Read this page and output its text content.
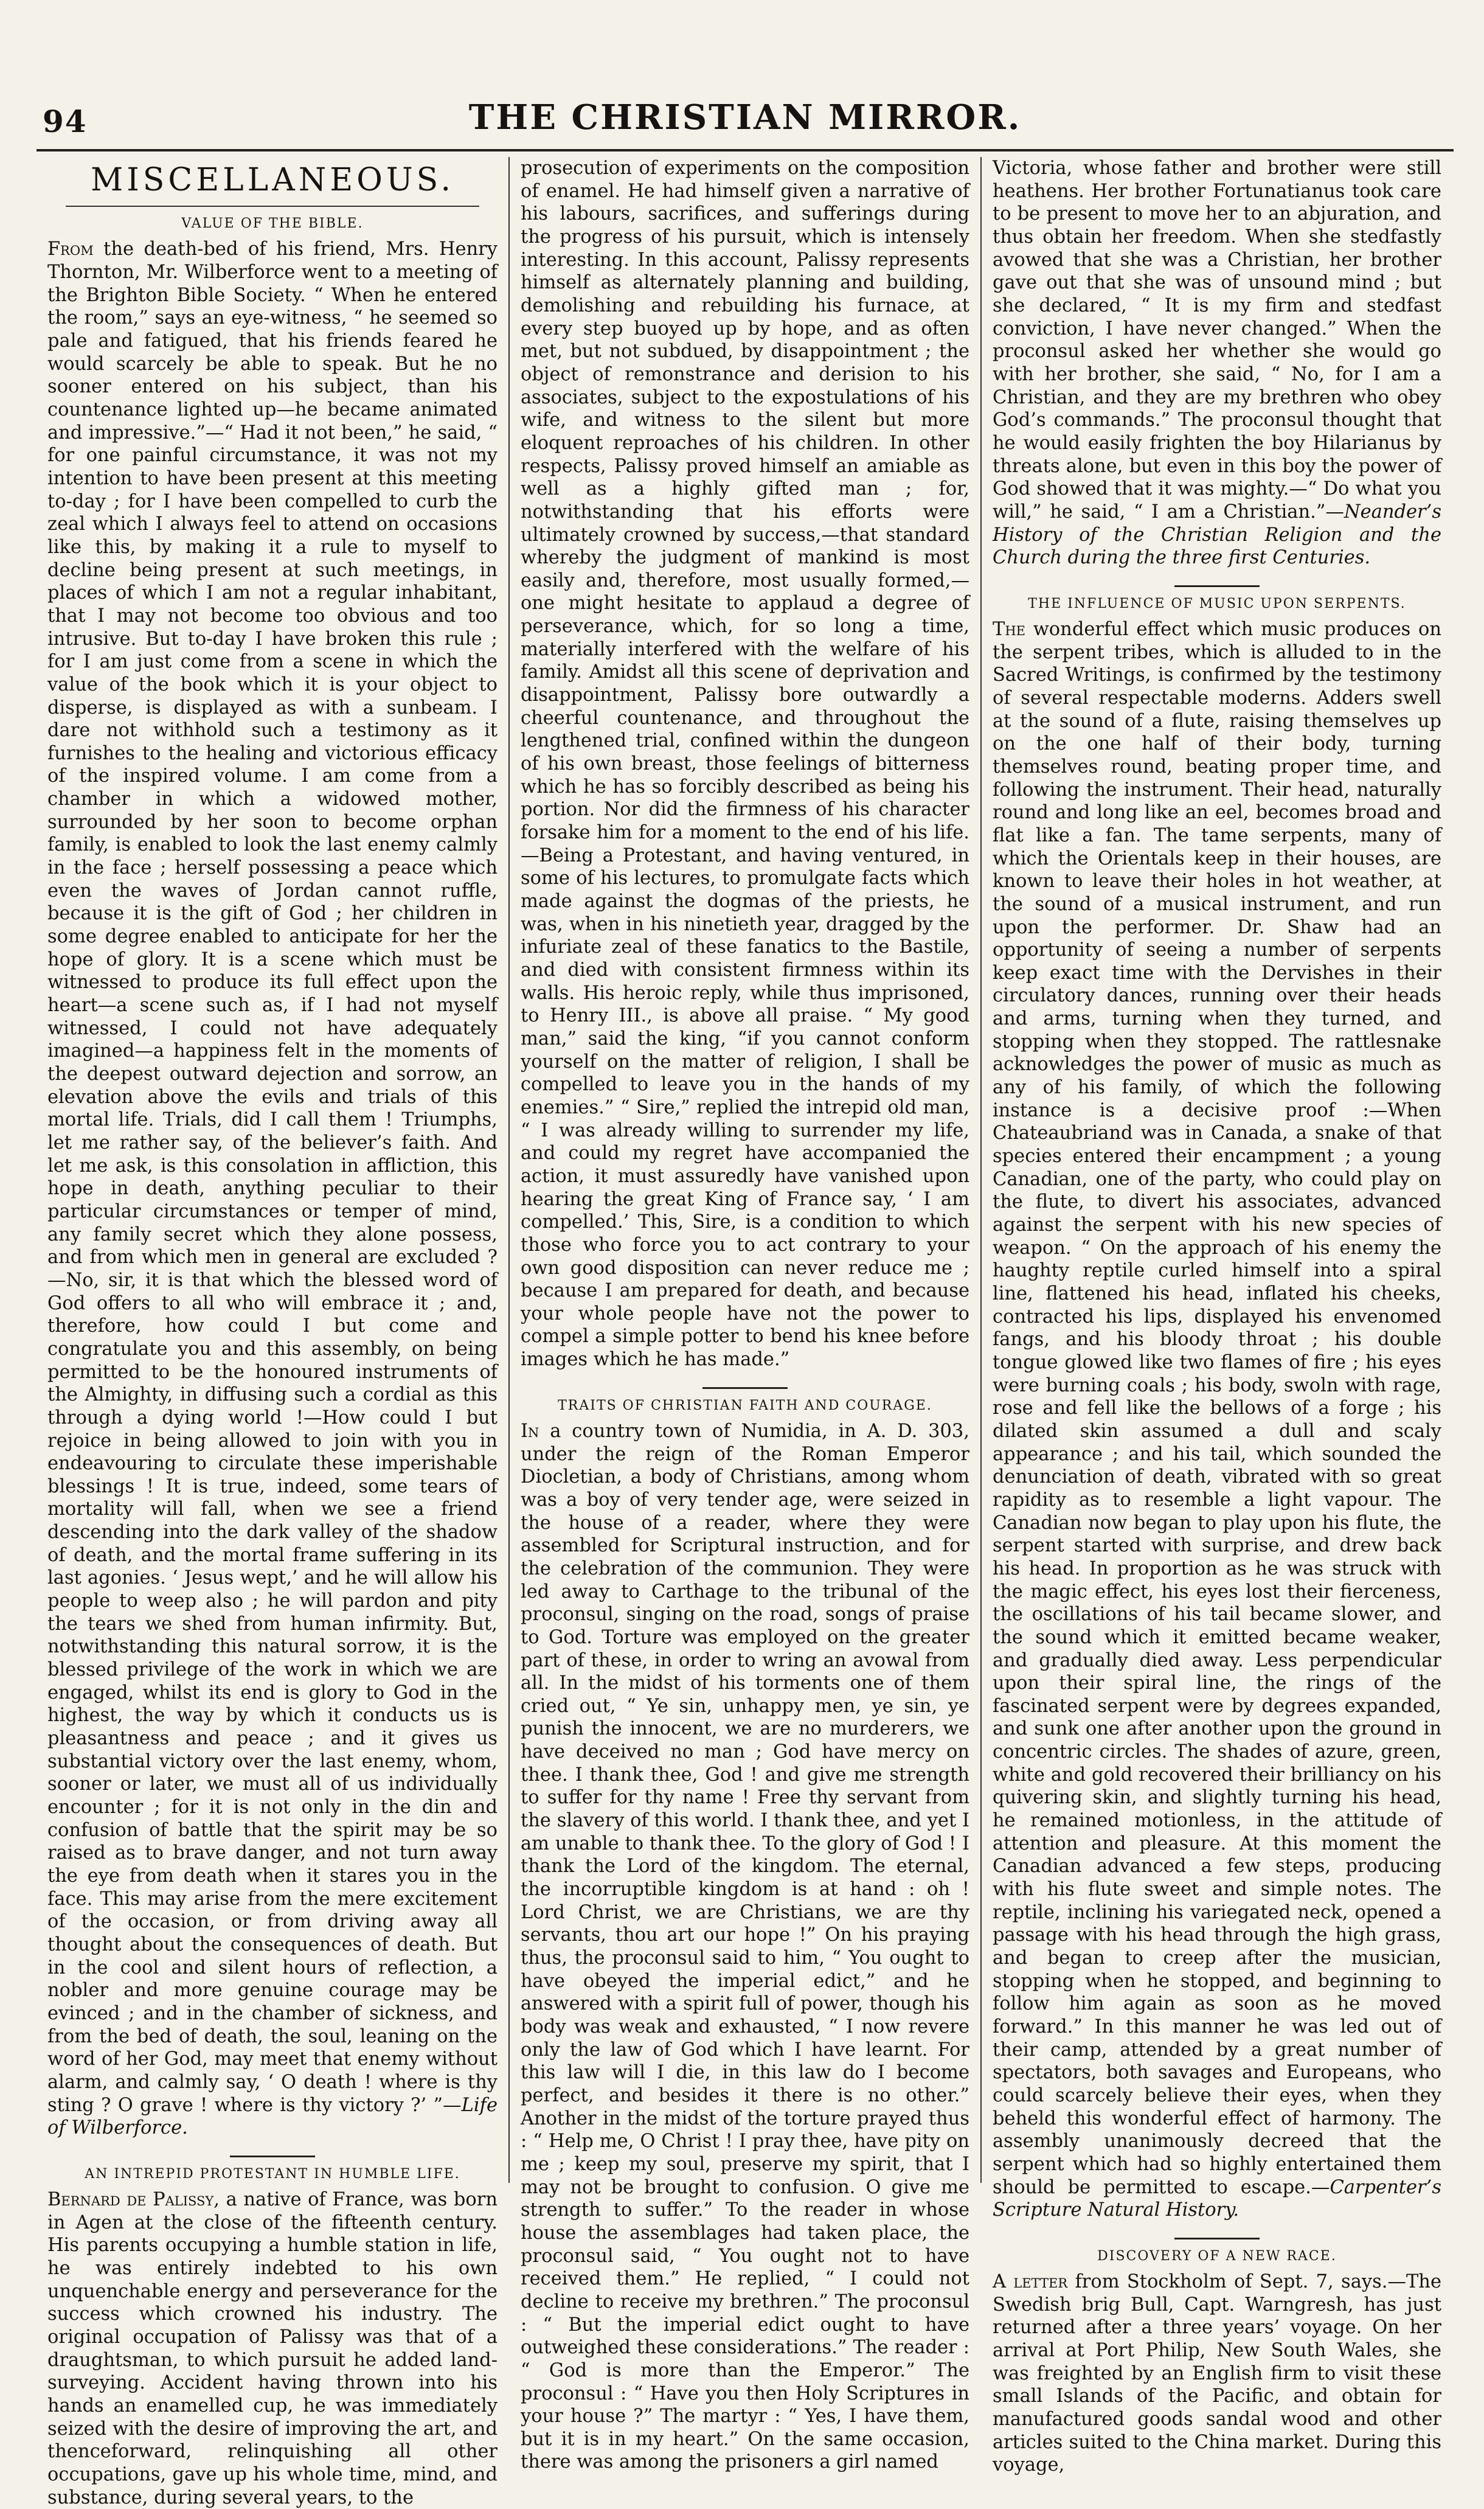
94	THE CHRISTIAN MIRROR.
MISCELLANEOUS.
VALUE OF THE BIBLE.

From the death-bed of his friend, Mrs. Henry Thornton, Mr. Wilberforce went to a meeting of the Brighton Bible Society. “ When he entered the room,” says an eye-witness, “ he seemed so pale and fatigued, that his friends feared he would scarcely be able to speak. But he no sooner entered on his subject, than his countenance lighted up—he became animated and impressive.”—“ Had it not been,” he said, “ for one painful circumstance, it was not my intention to have been present at this meeting to-day ; for I have been compelled to curb the zeal which I always feel to attend on occasions like this, by making it a rule to myself to decline being present at such meetings, in places of which I am not a regular inhabitant, that I may not become too obvious and too intrusive. But to-day I have broken this rule ; for I am just come from a scene in which the value of the book which it is your object to disperse, is displayed as with a sunbeam. I dare not withhold such a testimony as it furnishes to the healing and victorious efficacy of the inspired volume. I am come from a chamber in which a widowed mother, surrounded by her soon to become orphan family, is enabled to look the last enemy calmly in the face ; herself possessing a peace which even the waves of Jordan cannot ruffle, because it is the gift of God ; her children in some degree enabled to anticipate for her the hope of glory. It is a scene which must be witnessed to produce its full effect upon the heart—a scene such as, if I had not myself witnessed, I could not have adequately imagined—a happiness felt in the moments of the deepest outward dejection and sorrow, an elevation above the evils and trials of this mortal life. Trials, did I call them ! Triumphs, let me rather say, of the believer’s faith. And let me ask, is this consolation in affliction, this hope in death, anything peculiar to their particular circumstances or temper of mind, any family secret which they alone possess, and from which men in general are excluded ?—No, sir, it is that which the blessed word of God offers to all who will embrace it ; and, therefore, how could I but come and congratulate you and this assembly, on being permitted to be the honoured instruments of the Almighty, in diffusing such a cordial as this through a dying world !—How could I but rejoice in being allowed to join with you in endeavouring to circulate these imperishable blessings ! It is true, indeed, some tears of mortality will fall, when we see a friend descending into the dark valley of the shadow of death, and the mortal frame suffering in its last agonies. ‘ Jesus wept,’ and he will allow his people to weep also ; he will pardon and pity the tears we shed from human infirmity. But, notwithstanding this natural sorrow, it is the blessed privilege of the work in which we are engaged, whilst its end is glory to God in the highest, the way by which it conducts us is pleasantness and peace ; and it gives us substantial victory over the last enemy, whom, sooner or later, we must all of us individually encounter ; for it is not only in the din and confusion of battle that the spirit may be so raised as to brave danger, and not turn away the eye from death when it stares you in the face. This may arise from the mere excitement of the occasion, or from driving away all thought about the consequences of death. But in the cool and silent hours of reflection, a nobler and more genuine courage may be evinced ; and in the chamber of sickness, and from the bed of death, the soul, leaning on the word of her God, may meet that enemy without alarm, and calmly say, ‘ O death ! where is thy sting ? O grave ! where is thy victory ?’ ”—Life of Wilberforce.

AN INTREPID PROTESTANT IN HUMBLE LIFE.

Bernard de Palissy, a native of France, was born in Agen at the close of the fifteenth century. His parents occupying a humble station in life, he was entirely indebted to his own unquenchable energy and perseverance for the success which crowned his industry. The original occupation of Palissy was that of a draughtsman, to which pursuit he added land-surveying. Accident having thrown into his hands an enamelled cup, he was immediately seized with the desire of improving the art, and thenceforward, relinquishing all other occupations, gave up his whole time, mind, and substance, during several years, to the

prosecution of experiments on the composition of enamel. He had himself given a narrative of his labours, sacrifices, and sufferings during the progress of his pursuit, which is intensely interesting. In this account, Palissy represents himself as alternately planning and building, demolishing and rebuilding his furnace, at every step buoyed up by hope, and as often met, but not subdued, by disappointment ; the object of remonstrance and derision to his associates, subject to the expostulations of his wife, and witness to the silent but more eloquent reproaches of his children. In other respects, Palissy proved himself an amiable as well as a highly gifted man ; for, notwithstanding that his efforts were ultimately crowned by success,—that standard whereby the judgment of mankind is most easily and, therefore, most usually formed,—one might hesitate to applaud a degree of perseverance, which, for so long a time, materially interfered with the welfare of his family. Amidst all this scene of deprivation and disappointment, Palissy bore outwardly a cheerful countenance, and throughout the lengthened trial, confined within the dungeon of his own breast, those feelings of bitterness which he has so forcibly described as being his portion. Nor did the firmness of his character forsake him for a moment to the end of his life.—Being a Protestant, and having ventured, in some of his lectures, to promulgate facts which made against the dogmas of the priests, he was, when in his ninetieth year, dragged by the infuriate zeal of these fanatics to the Bastile, and died with consistent firmness within its walls. His heroic reply, while thus imprisoned, to Henry III., is above all praise. “ My good man,” said the king, “if you cannot conform yourself on the matter of religion, I shall be compelled to leave you in the hands of my enemies.” “ Sire,” replied the intrepid old man, “ I was already willing to surrender my life, and could my regret have accompanied the action, it must assuredly have vanished upon hearing the great King of France say, ‘ I am compelled.’ This, Sire, is a condition to which those who force you to act contrary to your own good disposition can never reduce me ; because I am prepared for death, and because your whole people have not the power to compel a simple potter to bend his knee before images which he has made.”

TRAITS OF CHRISTIAN FAITH AND COURAGE.

In a country town of Numidia, in A. D. 303, under the reign of the Roman Emperor Diocletian, a body of Christians, among whom was a boy of very tender age, were seized in the house of a reader, where they were assembled for Scriptural instruction, and for the celebration of the communion. They were led away to Carthage to the tribunal of the proconsul, singing on the road, songs of praise to God. Torture was employed on the greater part of these, in order to wring an avowal from all. In the midst of his torments one of them cried out, “ Ye sin, unhappy men, ye sin, ye punish the innocent, we are no murderers, we have deceived no man ; God have mercy on thee. I thank thee, God ! and give me strength to suffer for thy name ! Free thy servant from the slavery of this world. I thank thee, and yet I am unable to thank thee. To the glory of God ! I thank the Lord of the kingdom. The eternal, the incorruptible kingdom is at hand : oh ! Lord Christ, we are Christians, we are thy servants, thou art our hope !” On his praying thus, the proconsul said to him, “ You ought to have obeyed the imperial edict,” and he answered with a spirit full of power, though his body was weak and exhausted, “ I now revere only the law of God which I have learnt. For this law will I die, in this law do I become perfect, and besides it there is no other.” Another in the midst of the torture prayed thus : “ Help me, O Christ ! I pray thee, have pity on me ; keep my soul, preserve my spirit, that I may not be brought to confusion. O give me strength to suffer.” To the reader in whose house the assemblages had taken place, the proconsul said, “ You ought not to have received them.” He replied, “ I could not decline to receive my brethren.” The proconsul : “ But the imperial edict ought to have outweighed these considerations.” The reader : “ God is more than the Emperor.” The proconsul : “ Have you then Holy Scriptures in your house ?” The martyr : “ Yes, I have them, but it is in my heart.” On the same occasion, there was among the prisoners a girl named

Victoria, whose father and brother were still heathens. Her brother Fortunatianus took care to be present to move her to an abjuration, and thus obtain her freedom. When she stedfastly avowed that she was a Christian, her brother gave out that she was of unsound mind ; but she declared, “ It is my firm and stedfast conviction, I have never changed.” When the proconsul asked her whether she would go with her brother, she said, “ No, for I am a Christian, and they are my brethren who obey God’s commands.” The proconsul thought that he would easily frighten the boy Hilarianus by threats alone, but even in this boy the power of God showed that it was mighty.—“ Do what you will,” he said, “ I am a Christian.”—Neander’s History of the Christian Religion and the Church during the three first Centuries.

THE INFLUENCE OF MUSIC UPON SERPENTS.

The wonderful effect which music produces on the serpent tribes, which is alluded to in the Sacred Writings, is confirmed by the testimony of several respectable moderns. Adders swell at the sound of a flute, raising themselves up on the one half of their body, turning themselves round, beating proper time, and following the instrument. Their head, naturally round and long like an eel, becomes broad and flat like a fan. The tame serpents, many of which the Orientals keep in their houses, are known to leave their holes in hot weather, at the sound of a musical instrument, and run upon the performer. Dr. Shaw had an opportunity of seeing a number of serpents keep exact time with the Dervishes in their circulatory dances, running over their heads and arms, turning when they turned, and stopping when they stopped. The rattlesnake acknowledges the power of music as much as any of his family, of which the following instance is a decisive proof :—When Chateaubriand was in Canada, a snake of that species entered their encampment ; a young Canadian, one of the party, who could play on the flute, to divert his associates, advanced against the serpent with his new species of weapon. “ On the approach of his enemy the haughty reptile curled himself into a spiral line, flattened his head, inflated his cheeks, contracted his lips, displayed his envenomed fangs, and his bloody throat ; his double tongue glowed like two flames of fire ; his eyes were burning coals ; his body, swoln with rage, rose and fell like the bellows of a forge ; his dilated skin assumed a dull and scaly appearance ; and his tail, which sounded the denunciation of death, vibrated with so great rapidity as to resemble a light vapour. The Canadian now began to play upon his flute, the serpent started with surprise, and drew back his head. In proportion as he was struck with the magic effect, his eyes lost their fierceness, the oscillations of his tail became slower, and the sound which it emitted became weaker, and gradually died away. Less perpendicular upon their spiral line, the rings of the fascinated serpent were by degrees expanded, and sunk one after another upon the ground in concentric circles. The shades of azure, green, white and gold recovered their brilliancy on his quivering skin, and slightly turning his head, he remained motionless, in the attitude of attention and pleasure. At this moment the Canadian advanced a few steps, producing with his flute sweet and simple notes. The reptile, inclining his variegated neck, opened a passage with his head through the high grass, and began to creep after the musician, stopping when he stopped, and beginning to follow him again as soon as he moved forward.” In this manner he was led out of their camp, attended by a great number of spectators, both savages and Europeans, who could scarcely believe their eyes, when they beheld this wonderful effect of harmony. The assembly unanimously decreed that the serpent which had so highly entertained them should be permitted to escape.—Carpenter’s Scripture Natural History.

DISCOVERY OF A NEW RACE.

A letter from Stockholm of Sept. 7, says.—The Swedish brig Bull, Capt. Warngresh, has just returned after a three years’ voyage. On her arrival at Port Philip, New South Wales, she was freighted by an English firm to visit these small Islands of the Pacific, and obtain for manufactured goods sandal wood and other articles suited to the China market. During this voyage,
